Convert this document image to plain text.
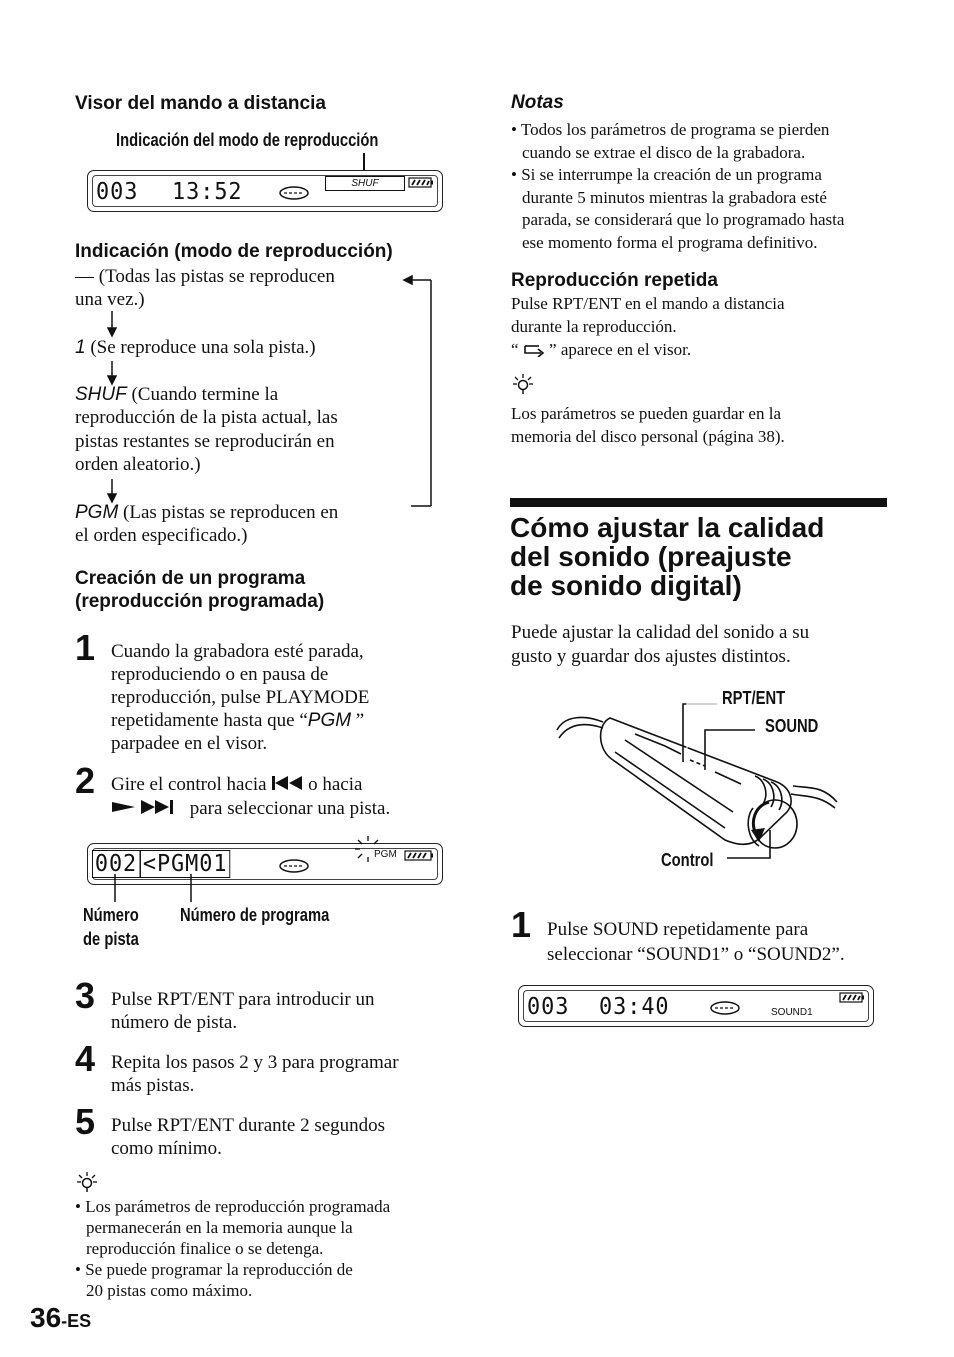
Visor del mando a distancia
Indicación del modo de reproducción
003 13:52	SHUF
Indicación (modo de reproducción)
— (Todas las pistas se reproducen
una vez.)
1 (Se reproduce una sola pista.)
SHUF (Cuando termine la
reproducción de la pista actual, las
pistas restantes se reproducirán en
orden aleatorio.)
PGM (Las pistas se reproducen en
el orden especificado.)
Creación de un programa
(reproducción programada)
1 Cuando la grabadora esté parada,
reproduciendo o en pausa de
reproducción, pulse PLAYMODE
repetidamente hasta que “PGM ”
parpadee en el visor.
2 Gire el control hacia  o hacia
para seleccionar una pista.
002 <PGM01	PGM
Número
de pista
Número de programa
3 Pulse RPT/ENT para introducir un
número de pista.
4 Repita los pasos 2 y 3 para programar
más pistas.
5 Pulse RPT/ENT durante 2 segundos
como mínimo.
• Los parámetros de reproducción programada
permanecerán en la memoria aunque la
reproducción finalice o se detenga.
• Se puede programar la reproducción de
20 pistas como máximo.
36-ES
Notas
• Todos los parámetros de programa se pierden
cuando se extrae el disco de la grabadora.
• Si se interrumpe la creación de un programa
durante 5 minutos mientras la grabadora esté
parada, se considerará que lo programado hasta
ese momento forma el programa definitivo.
Reproducción repetida
Pulse RPT/ENT en el mando a distancia
durante la reproducción.
“  ” aparece en el visor.
Los parámetros se pueden guardar en la
memoria del disco personal (página 38).
Cómo ajustar la calidad
del sonido (preajuste
de sonido digital)
Puede ajustar la calidad del sonido a su
gusto y guardar dos ajustes distintos.
RPT/ENT
SOUND
Control
1 Pulse SOUND repetidamente para
seleccionar “SOUND1” o “SOUND2”.
003 03:40	SOUND1
